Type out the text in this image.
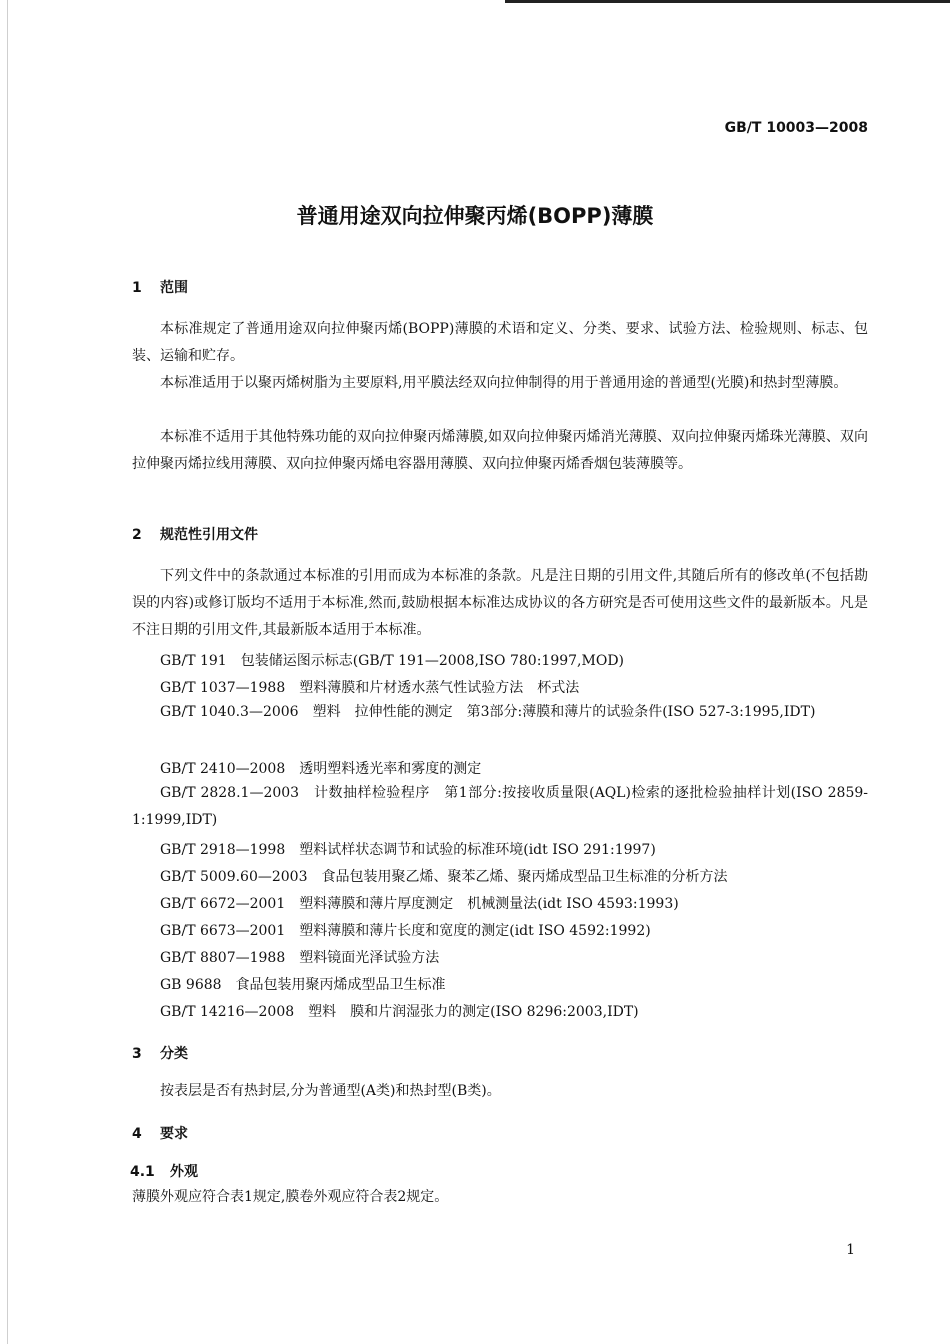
GB/T 10003—2008
普通用途双向拉伸聚丙烯(BOPP)薄膜
1 范围
本标准规定了普通用途双向拉伸聚丙烯(BOPP)薄膜的术语和定义、分类、要求、试验方法、检验规则、标志、包装、运输和贮存。
本标准适用于以聚丙烯树脂为主要原料,用平膜法经双向拉伸制得的用于普通用途的普通型(光膜)和热封型薄膜。
本标准不适用于其他特殊功能的双向拉伸聚丙烯薄膜,如双向拉伸聚丙烯消光薄膜、双向拉伸聚丙烯珠光薄膜、双向拉伸聚丙烯拉线用薄膜、双向拉伸聚丙烯电容器用薄膜、双向拉伸聚丙烯香烟包装薄膜等。
2 规范性引用文件
下列文件中的条款通过本标准的引用而成为本标准的条款。凡是注日期的引用文件,其随后所有的修改单(不包括勘误的内容)或修订版均不适用于本标准,然而,鼓励根据本标准达成协议的各方研究是否可使用这些文件的最新版本。凡是不注日期的引用文件,其最新版本适用于本标准。
GB/T 191　包装储运图示标志(GB/T 191—2008,ISO 780:1997,MOD)
GB/T 1037—1988　塑料薄膜和片材透水蒸气性试验方法　杯式法
GB/T 1040.3—2006　塑料　拉伸性能的测定　第3部分:薄膜和薄片的试验条件(ISO 527-3:1995,IDT)
GB/T 2410—2008　透明塑料透光率和雾度的测定
GB/T 2828.1—2003　计数抽样检验程序　第1部分:按接收质量限(AQL)检索的逐批检验抽样计划(ISO 2859-1:1999,IDT)
GB/T 2918—1998　塑料试样状态调节和试验的标准环境(idt ISO 291:1997)
GB/T 5009.60—2003　食品包装用聚乙烯、聚苯乙烯、聚丙烯成型品卫生标准的分析方法
GB/T 6672—2001　塑料薄膜和薄片厚度测定　机械测量法(idt ISO 4593:1993)
GB/T 6673—2001　塑料薄膜和薄片长度和宽度的测定(idt ISO 4592:1992)
GB/T 8807—1988　塑料镜面光泽试验方法
GB 9688　食品包装用聚丙烯成型品卫生标准
GB/T 14216—2008　塑料　膜和片润湿张力的测定(ISO 8296:2003,IDT)
3 分类
按表层是否有热封层,分为普通型(A类)和热封型(B类)。
4 要求
4.1 外观
薄膜外观应符合表1规定,膜卷外观应符合表2规定。
1
